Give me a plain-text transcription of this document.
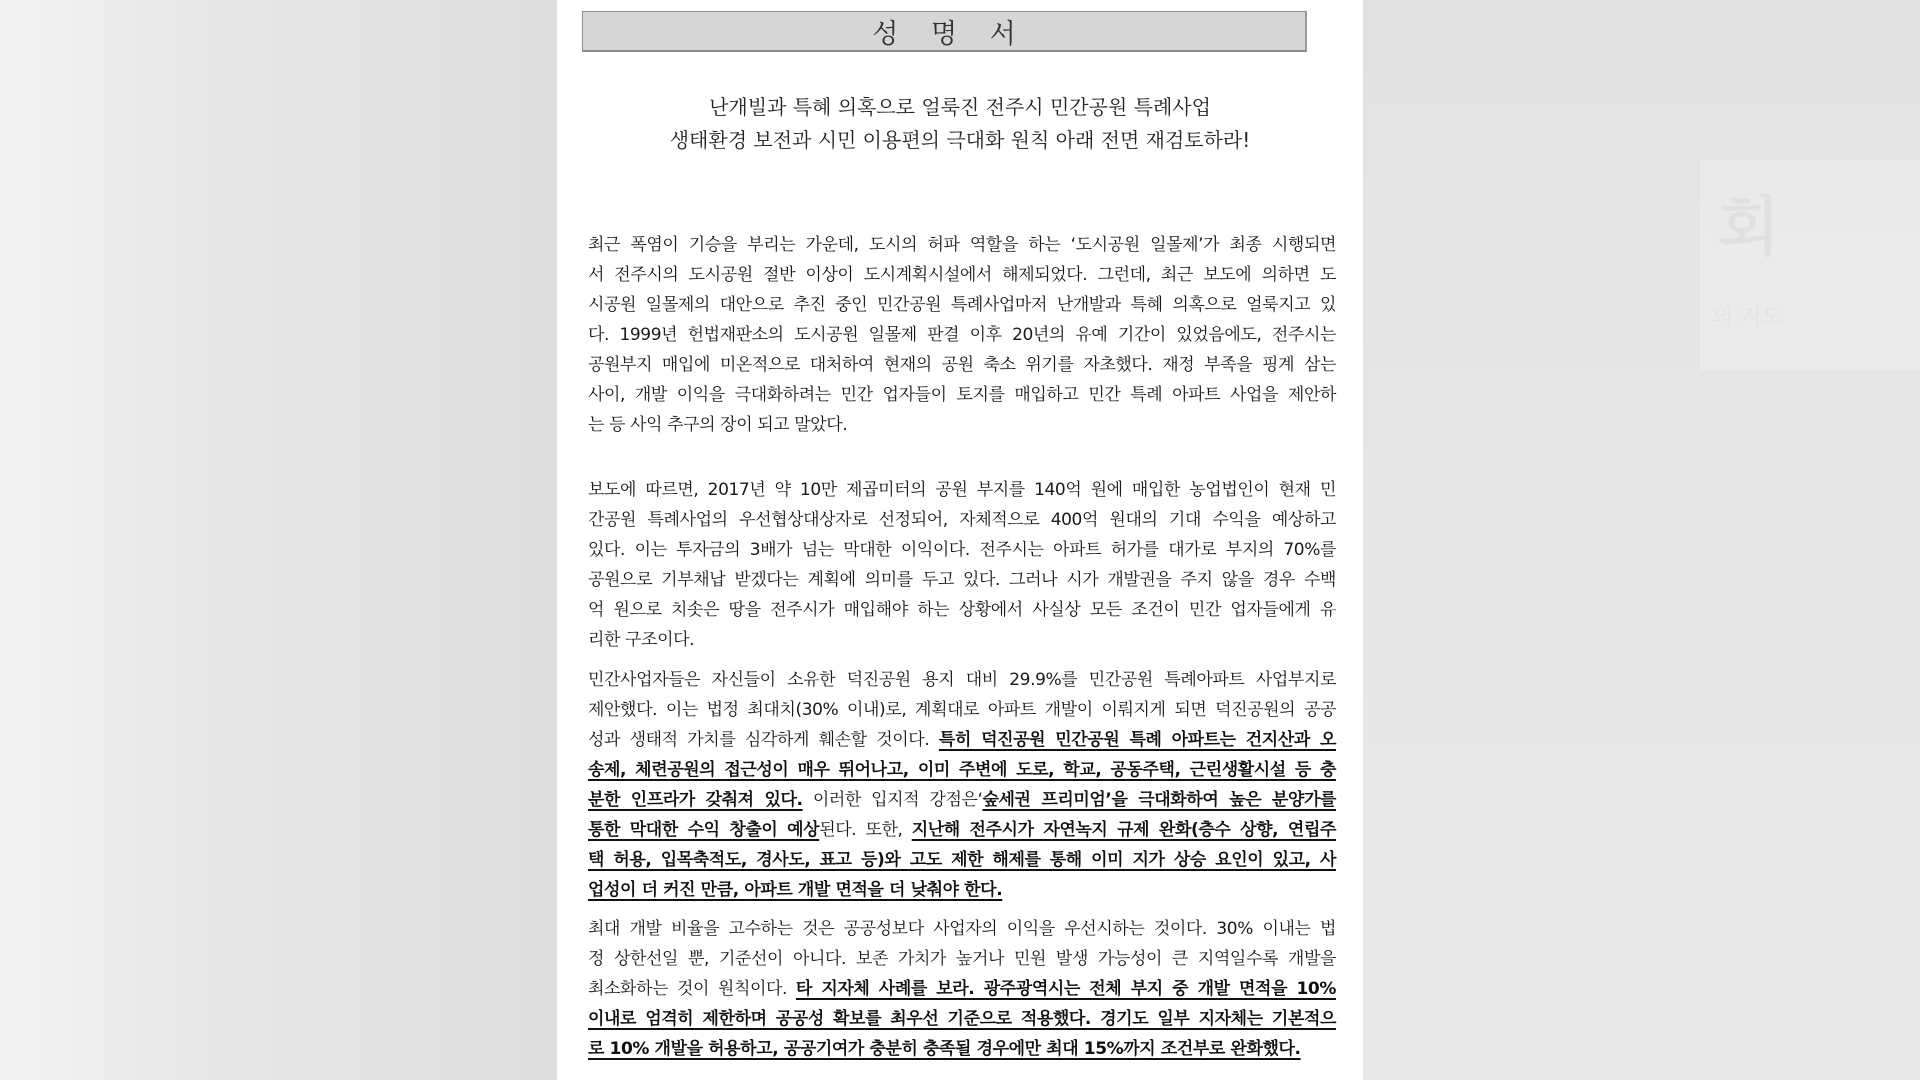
성 명 서
난개빌과 특혜 의혹으로 얼룩진 전주시 민간공원 특례사업
생태환경 보전과 시민 이용편의 극대화 원칙 아래 전면 재검토하라!
최근 폭염이 기승을 부리는 가운데, 도시의 허파 역할을 하는 ‘도시공원 일몰제’가 최종 시행되면
서 전주시의 도시공원 절반 이상이 도시계획시설에서 해제되었다. 그런데, 최근 보도에 의하면 도
시공원 일몰제의 대안으로 추진 중인 민간공원 특례사업마저 난개발과 특혜 의혹으로 얼룩지고 있
다. 1999년 헌법재판소의 도시공원 일몰제 판결 이후 20년의 유예 기간이 있었음에도, 전주시는
공원부지 매입에 미온적으로 대처하여 현재의 공원 축소 위기를 자초했다. 재정 부족을 핑계 삼는
사이, 개발 이익을 극대화하려는 민간 업자들이 토지를 매입하고 민간 특례 아파트 사업을 제안하
는 등 사익 추구의 장이 되고 말았다.
보도에 따르면, 2017년 약 10만 제곱미터의 공원 부지를 140억 원에 매입한 농업법인이 현재 민
간공원 특례사업의 우선협상대상자로 선정되어, 자체적으로 400억 원대의 기대 수익을 예상하고
있다. 이는 투자금의 3배가 넘는 막대한 이익이다. 전주시는 아파트 허가를 대가로 부지의 70%를
공원으로 기부채납 받겠다는 계획에 의미를 두고 있다. 그러나 시가 개발권을 주지 않을 경우 수백
억 원으로 치솟은 땅을 전주시가 매입해야 하는 상황에서 사실상 모든 조건이 민간 업자들에게 유
리한 구조이다.
민간사업자들은 자신들이 소유한 덕진공원 용지 대비 29.9%를 민간공원 특례아파트 사업부지로
제안했다. 이는 법정 최대치(30% 이내)로, 계획대로 아파트 개발이 이뤄지게 되면 덕진공원의 공공
성과 생태적 가치를 심각하게 훼손할 것이다. 특히 덕진공원 민간공원 특례 아파트는 건지산과 오
송제, 체련공원의 접근성이 매우 뛰어나고, 이미 주변에 도로, 학교, 공동주택, 근린생활시설 등 충
분한 인프라가 갖춰져 있다. 이러한 입지적 강점은‘숲세권 프리미엄’을 극대화하여 높은 분양가를
통한 막대한 수익 창출이 예상된다. 또한, 지난해 전주시가 자연녹지 규제 완화(층수 상향, 연립주
택 허용, 입목축적도, 경사도, 표고 등)와 고도 제한 해제를 통해 이미 지가 상승 요인이 있고, 사
업성이 더 커진 만큼, 아파트 개발 면적을 더 낮춰야 한다.
최대 개발 비율을 고수하는 것은 공공성보다 사업자의 이익을 우선시하는 것이다. 30% 이내는 법
정 상한선일 뿐, 기준선이 아니다. 보존 가치가 높거나 민원 발생 가능성이 큰 지역일수록 개발을
최소화하는 것이 원칙이다. 타 지자체 사례를 보라. 광주광역시는 전체 부지 중 개발 면적을 10%
이내로 엄격히 제한하며 공공성 확보를 최우선 기준으로 적용했다. 경기도 일부 지자체는 기본적으
로 10% 개발을 허용하고, 공공기여가 충분히 충족될 경우에만 최대 15%까지 조건부로 완화했다.
